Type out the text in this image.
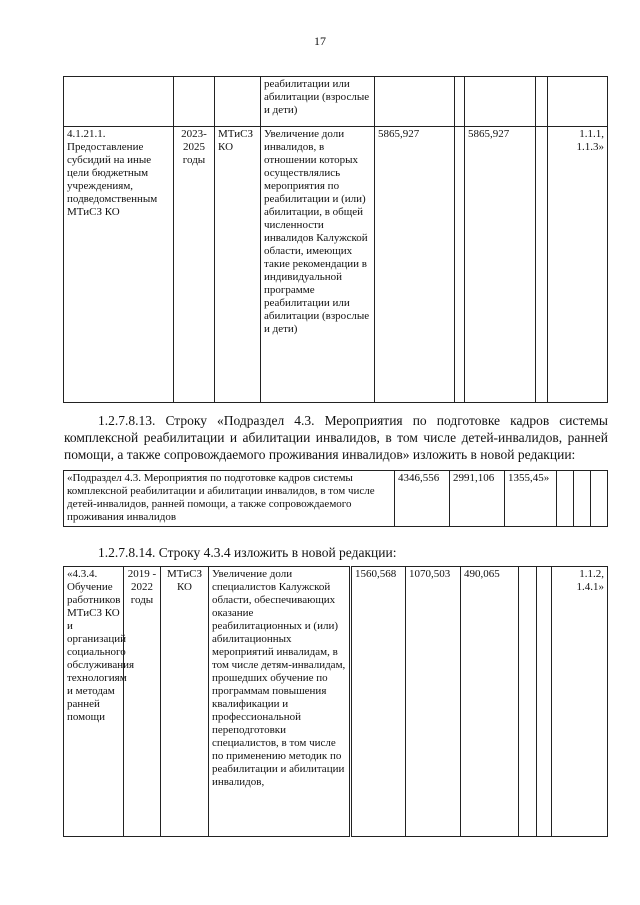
17
			реабилитации или абилитации (взрослые и дети)					
4.1.21.1. Предоставление субсидий на иные цели бюджетным учреждениям, подведомственным МТиСЗ КО	2023-2025 годы	МТиСЗ КО	Увеличение доли инвалидов, в отношении которых осуществлялись мероприятия по реабилитации и (или) абилитации, в общей численности инвалидов Калужской области, имеющих такие рекомендации в индивидуальной программе реабилитации или абилитации (взрослые и дети)	5865,927		5865,927		1.1.1, 1.1.3»
1.2.7.8.13. Строку «Подраздел 4.3. Мероприятия по подготовке кадров системы комплексной реабилитации и абилитации инвалидов, в том числе детей-инвалидов, ранней помощи, а также сопровождаемого проживания инвалидов» изложить в новой редакции:
«Подраздел 4.3. Мероприятия по подготовке кадров системы комплексной реабилитации и абилитации инвалидов, в том числе детей-инвалидов, ранней помощи, а также сопровождаемого проживания инвалидов	4346,556	2991,106	1355,45»			
1.2.7.8.14. Строку 4.3.4 изложить в новой редакции:
«4.3.4. Обучение работников МТиСЗ КО и организаций социального обслуживания технологиям и методам ранней помощи	2019 - 2022 годы	МТиСЗ КО	Увеличение доли специалистов Калужской области, обеспечивающих оказание реабилитационных и (или) абилитационных мероприятий инвалидам, в том числе детям-инвалидам, прошедших обучение по программам повышения квалификации и профессиональной переподготовки специалистов, в том числе по применению методик по реабилитации и абилитации инвалидов,	1560,568	1070,503	490,065			1.1.2, 1.4.1»
